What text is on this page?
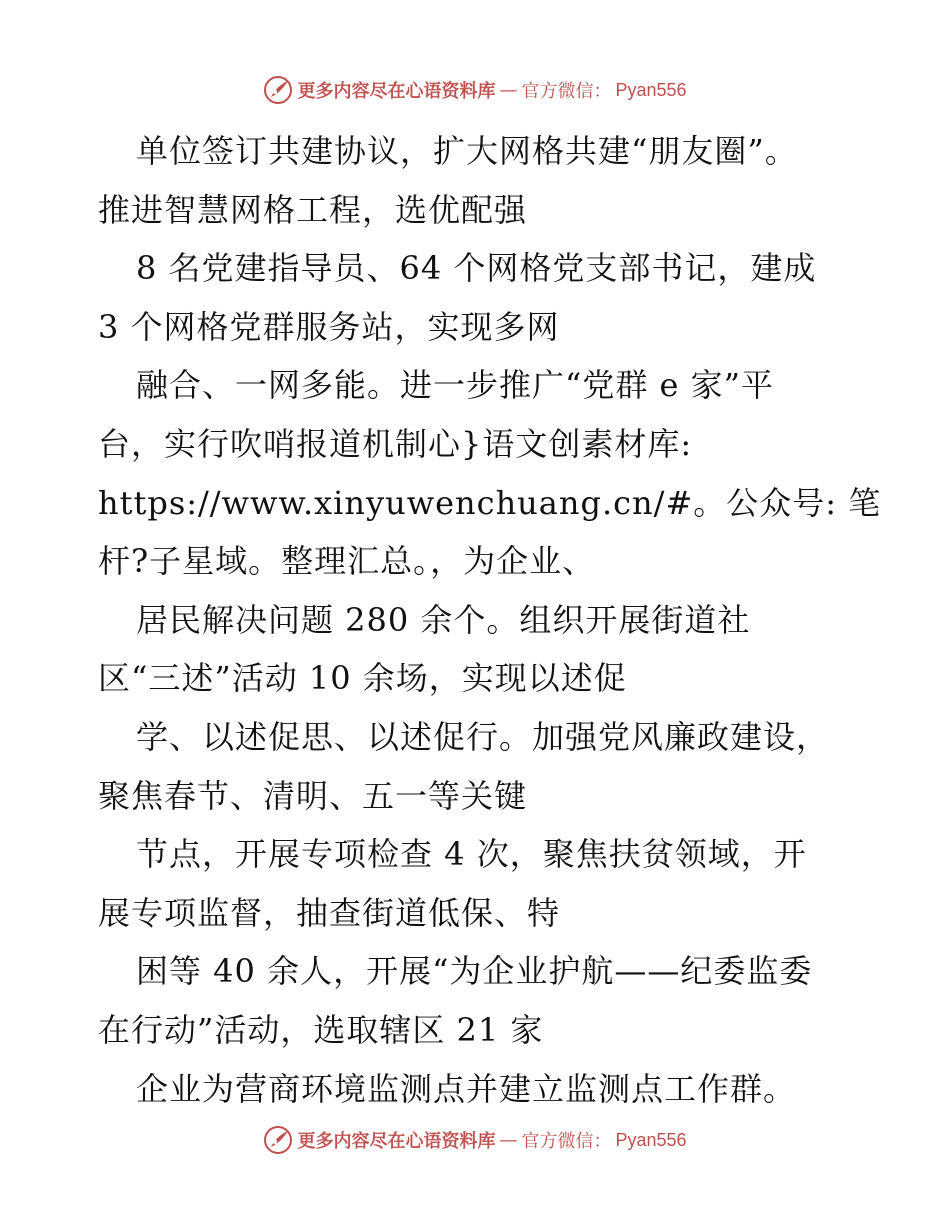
更多内容尽在心语资料库 — 官方微信： Pyan556
单位签订共建协议，扩大网格共建“朋友圈”。
推进智慧网格工程，选优配强
8 名党建指导员、64 个网格党支部书记，建成
3 个网格党群服务站，实现多网
融合、一网多能。进一步推广“党群 e 家”平
台，实行吹哨报道机制心}语文创素材库:
https://www.xinyuwenchuang.cn/#。公众号: 笔
杆?子星域。整理汇总。，为企业、
居民解决问题 280 余个。组织开展街道社
区“三述”活动 10 余场，实现以述促
学、以述促思、以述促行。加强党风廉政建设，
聚焦春节、清明、五一等关键
节点，开展专项检查 4 次，聚焦扶贫领域，开
展专项监督，抽查街道低保、特
困等 40 余人，开展“为企业护航——纪委监委
在行动”活动，选取辖区 21 家
企业为营商环境监测点并建立监测点工作群。
更多内容尽在心语资料库 — 官方微信： Pyan556
